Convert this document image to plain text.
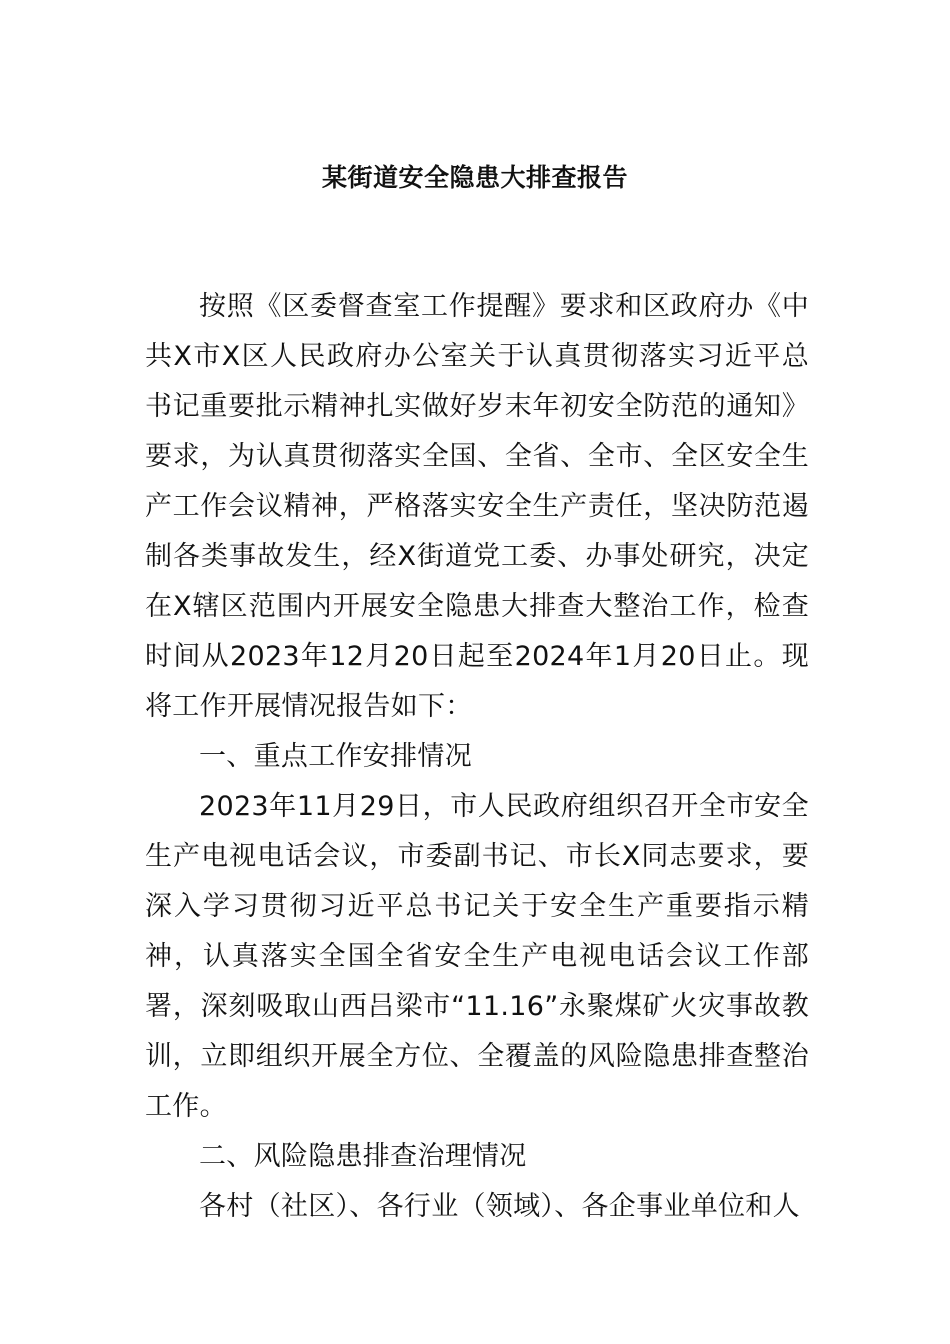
某街道安全隐患大排查报告

按照《区委督查室工作提醒》要求和区政府办《中共X市X区人民政府办公室关于认真贯彻落实习近平总书记重要批示精神扎实做好岁末年初安全防范的通知》要求，为认真贯彻落实全国、全省、全市、全区安全生产工作会议精神，严格落实安全生产责任，坚决防范遏制各类事故发生，经X街道党工委、办事处研究，决定在X辖区范围内开展安全隐患大排查大整治工作，检查时间从2023年12月20日起至2024年1月20日止。现将工作开展情况报告如下：

一、重点工作安排情况

2023年11月29日，市人民政府组织召开全市安全生产电视电话会议，市委副书记、市长X同志要求，要深入学习贯彻习近平总书记关于安全生产重要指示精神，认真落实全国全省安全生产电视电话会议工作部署，深刻吸取山西吕梁市“11.16”永聚煤矿火灾事故教训，立即组织开展全方位、全覆盖的风险隐患排查整治工作。

二、风险隐患排查治理情况

各村（社区）、各行业（领域）、各企事业单位和人
